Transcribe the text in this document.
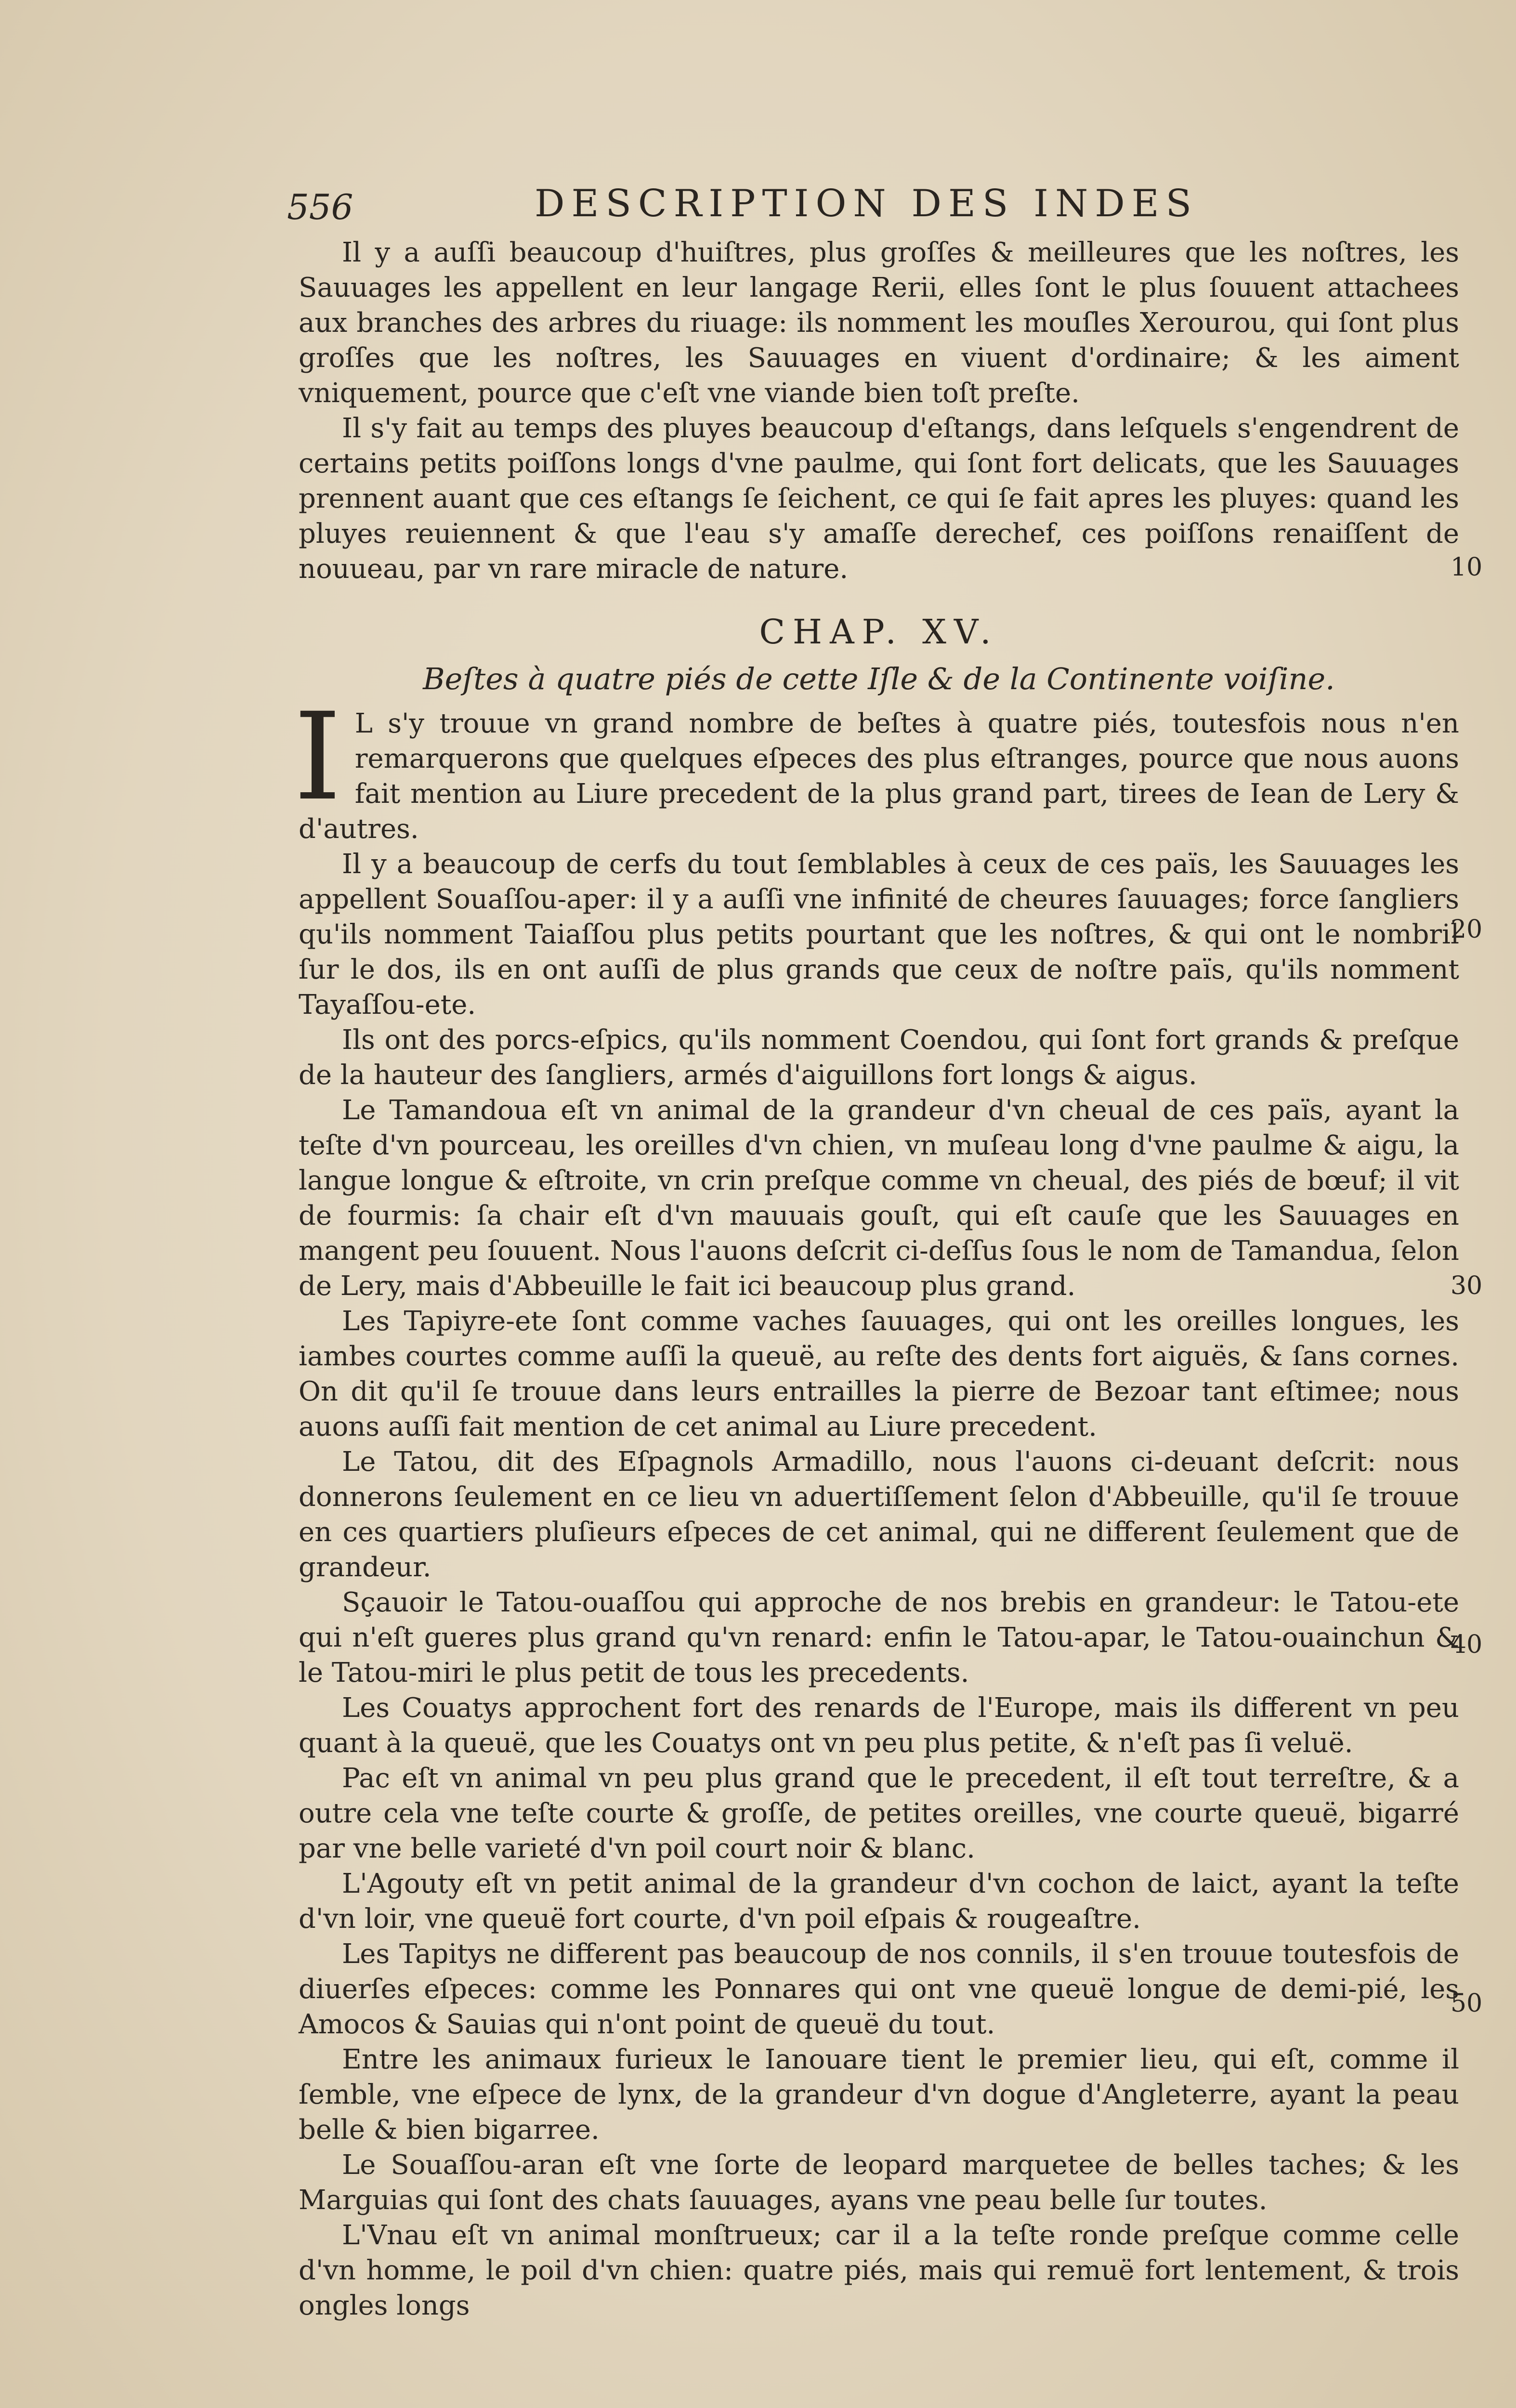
556	DESCRIPTION DES INDES

Il y a auſſi beaucoup d'huiſtres, plus groſſes & meilleures que les noſtres, les Sauuages les appellent en leur langage Rerii, elles ſont le plus ſouuent attachees aux branches des arbres du riuage: ils nomment les mouſles Xerourou, qui ſont plus groſſes que les noſtres, les Sauuages en viuent d'ordinaire; & les aiment vniquement, pource que c'eſt vne viande bien toſt preſte.

Il s'y fait au temps des pluyes beaucoup d'eſtangs, dans leſquels s'engendrent de certains petits poiſſons longs d'vne paulme, qui ſont fort delicats, que les Sauuages prennent auant que ces eſtangs ſe ſeichent, ce qui ſe fait apres les pluyes: quand les pluyes reuiennent & que l'eau s'y amaſſe derechef, ces poiſſons renaiſſent de nouueau, par vn rare miracle de nature.

CHAP. XV.

Beſtes à quatre piés de cette Iſle & de la Continente voiſine.

I L s'y trouue vn grand nombre de beſtes à quatre piés, toutesfois nous n'en remarquerons que quelques eſpeces des plus eſtranges, pource que nous auons fait mention au Liure precedent de la plus grand part, tirees de Iean de Lery & d'autres.

Il y a beaucoup de cerfs du tout ſemblables à ceux de ces païs, les Sauuages les appellent Souaſſou-aper: il y a auſſi vne infinité de cheures ſauuages; force ſangliers qu'ils nomment Taiaſſou plus petits pourtant que les noſtres, & qui ont le nombril ſur le dos, ils en ont auſſi de plus grands que ceux de noſtre païs, qu'ils nomment Tayaſſou-ete.

Ils ont des porcs-eſpics, qu'ils nomment Coendou, qui ſont fort grands & preſque de la hauteur des ſangliers, armés d'aiguillons fort longs & aigus.

Le Tamandoua eſt vn animal de la grandeur d'vn cheual de ces païs, ayant la teſte d'vn pourceau, les oreilles d'vn chien, vn muſeau long d'vne paulme & aigu, la langue longue & eſtroite, vn crin preſque comme vn cheual, des piés de bœuf; il vit de fourmis: ſa chair eſt d'vn mauuais gouſt, qui eſt cauſe que les Sauuages en mangent peu ſouuent. Nous l'auons deſcrit ci-deſſus ſous le nom de Tamandua, ſelon de Lery, mais d'Abbeuille le fait ici beaucoup plus grand.

Les Tapiyre-ete ſont comme vaches ſauuages, qui ont les oreilles longues, les iambes courtes comme auſſi la queuë, au reſte des dents fort aiguës, & ſans cornes. On dit qu'il ſe trouue dans leurs entrailles la pierre de Bezoar tant eſtimee; nous auons auſſi fait mention de cet animal au Liure precedent.

Le Tatou, dit des Eſpagnols Armadillo, nous l'auons ci-deuant deſcrit: nous donnerons ſeulement en ce lieu vn aduertiſſement ſelon d'Abbeuille, qu'il ſe trouue en ces quartiers pluſieurs eſpeces de cet animal, qui ne different ſeulement que de grandeur.

Sçauoir le Tatou-ouaſſou qui approche de nos brebis en grandeur: le Tatou-ete qui n'eſt gueres plus grand qu'vn renard: enfin le Tatou-apar, le Tatou-ouainchun & le Tatou-miri le plus petit de tous les precedents.

Les Couatys approchent fort des renards de l'Europe, mais ils different vn peu quant à la queuë, que les Couatys ont vn peu plus petite, & n'eſt pas ſi veluë.

Pac eſt vn animal vn peu plus grand que le precedent, il eſt tout terreſtre, & a outre cela vne teſte courte & groſſe, de petites oreilles, vne courte queuë, bigarré par vne belle varieté d'vn poil court noir & blanc.

L'Agouty eſt vn petit animal de la grandeur d'vn cochon de laict, ayant la teſte d'vn loir, vne queuë fort courte, d'vn poil eſpais & rougeaſtre.

Les Tapitys ne different pas beaucoup de nos connils, il s'en trouue toutesfois de diuerſes eſpeces: comme les Ponnares qui ont vne queuë longue de demi-pié, les Amocos & Sauias qui n'ont point de queuë du tout.

Entre les animaux furieux le Ianouare tient le premier lieu, qui eſt, comme il ſemble, vne eſpece de lynx, de la grandeur d'vn dogue d'Angleterre, ayant la peau belle & bien bigarree.

Le Souaſſou-aran eſt vne ſorte de leopard marquetee de belles taches; & les Marguias qui ſont des chats ſauuages, ayans vne peau belle ſur toutes.

L'Vnau eſt vn animal monſtrueux; car il a la teſte ronde preſque comme celle d'vn homme, le poil d'vn chien: quatre piés, mais qui remuë fort lentement, & trois ongles longs

10
20
30
40
50
